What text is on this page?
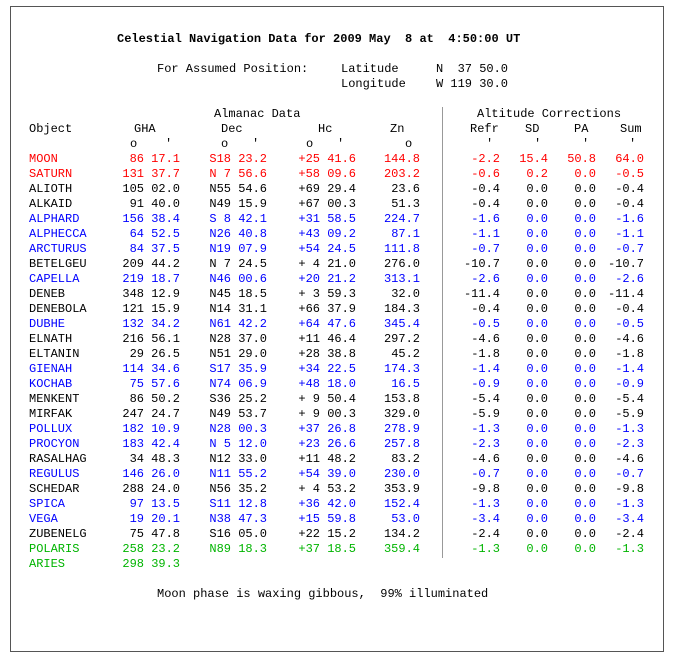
Celestial Navigation Data for 2009 May  8 at  4:50:00 UT
For Assumed Position:	Latitude	N  37 50.0
Longitude	W 119 30.0
Almanac Data	Altitude Corrections
Object	GHA	Dec	Hc	Zn	Refr SD	PA	Sum
o '	o '	o '	o	'	'	'	'
MOON	86 17.1 S18 23.2	+25 41.6 144.8	-2.2 15.4 50.8 64.0
SATURN	131 37.7 N 7 56.6	+58 09.6 203.2	-0.6 0.2 0.0 -0.5
ALIOTH	105 02.0 N55 54.6	+69 29.4	23.6	-0.4 0.0 0.0 -0.4
ALKAID	91 40.0 N49 15.9	+67 00.3	51.3	-0.4 0.0 0.0 -0.4
ALPHARD	156 38.4 S 8 42.1	+31 58.5 224.7	-1.6 0.0 0.0 -1.6
ALPHECCA	64 52.5 N26 40.8	+43 09.2	87.1	-1.1 0.0 0.0 -1.1
ARCTURUS	84 37.5 N19 07.9	+54 24.5 111.8	-0.7 0.0 0.0 -0.7
BETELGEU	209 44.2 N 7 24.5	+ 4 21.0 276.0	-10.7 0.0 0.0 -10.7
CAPELLA	219 18.7 N46 00.6	+20 21.2 313.1	-2.6 0.0 0.0 -2.6
DENEB	348 12.9 N45 18.5	+ 3 59.3	32.0	-11.4 0.0 0.0 -11.4
DENEBOLA	121 15.9 N14 31.1	+66 37.9 184.3	-0.4 0.0 0.0 -0.4
DUBHE	132 34.2 N61 42.2	+64 47.6 345.4	-0.5 0.0 0.0 -0.5
ELNATH	216 56.1 N28 37.0	+11 46.4 297.2	-4.6 0.0 0.0 -4.6
ELTANIN	29 26.5 N51 29.0	+28 38.8	45.2	-1.8 0.0 0.0 -1.8
GIENAH	114 34.6 S17 35.9	+34 22.5 174.3	-1.4 0.0 0.0 -1.4
KOCHAB	75 57.6 N74 06.9	+48 18.0	16.5	-0.9 0.0 0.0 -0.9
MENKENT	86 50.2 S36 25.2	+ 9 50.4 153.8	-5.4 0.0 0.0 -5.4
MIRFAK	247 24.7 N49 53.7	+ 9 00.3 329.0	-5.9 0.0 0.0 -5.9
POLLUX	182 10.9 N28 00.3	+37 26.8 278.9	-1.3 0.0 0.0 -1.3
PROCYON	183 42.4 N 5 12.0	+23 26.6 257.8	-2.3 0.0 0.0 -2.3
RASALHAG	34 48.3 N12 33.0	+11 48.2	83.2	-4.6 0.0 0.0 -4.6
REGULUS	146 26.0 N11 55.2	+54 39.0 230.0	-0.7 0.0 0.0 -0.7
SCHEDAR	288 24.0 N56 35.2	+ 4 53.2 353.9	-9.8 0.0 0.0 -9.8
SPICA	97 13.5 S11 12.8	+36 42.0 152.4	-1.3 0.0 0.0 -1.3
VEGA	19 20.1 N38 47.3	+15 59.8	53.0	-3.4 0.0 0.0 -3.4
ZUBENELG	75 47.8 S16 05.0	+22 15.2 134.2	-2.4 0.0 0.0 -2.4
POLARIS	258 23.2 N89 18.3	+37 18.5 359.4	-1.3 0.0 0.0 -1.3
ARIES	298 39.3
Moon phase is waxing gibbous,  99% illuminated
